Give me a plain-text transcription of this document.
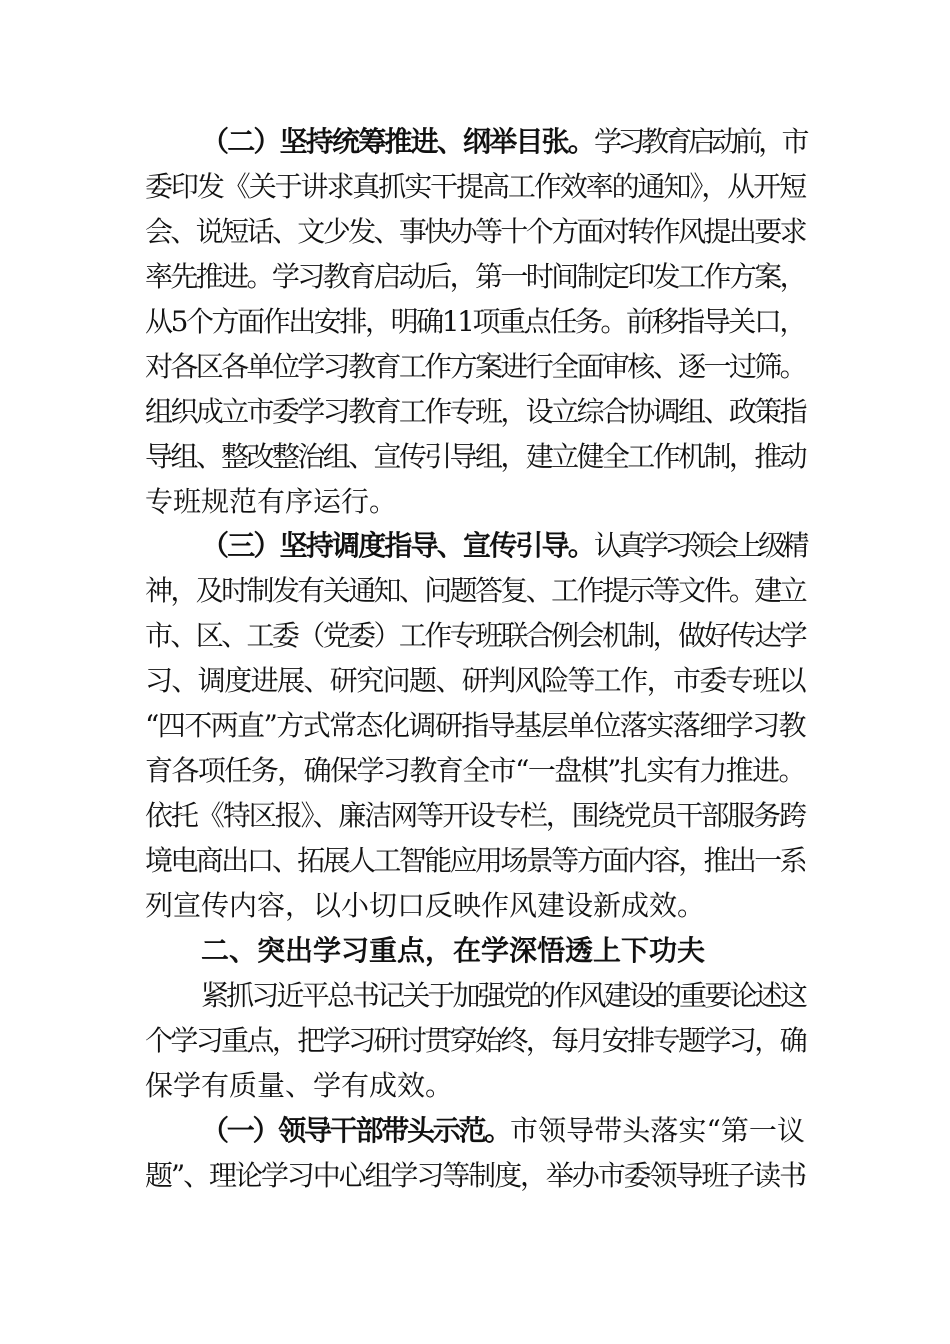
（二）坚持统筹推进、纲举目张。 学习教育启动前，市
委印发《关于讲求真抓实干提高工作效率的通知》，从开短
会、说短话、文少发、事快办等十个方面对转作风提出要求
率先推进。学习教育启动后，第一时间制定印发工作方案，
从5个方面作出安排，明确11项重点任务。前移指导关口，
对各区各单位学习教育工作方案进行全面审核、逐一过筛。
组织成立市委学习教育工作专班，设立综合协调组、政策指
导组、整改整治组、宣传引导组，建立健全工作机制，推动
专班规范有序运行。
（三）坚持调度指导、宣传引导。 认真学习领会上级精
神，及时制发有关通知、问题答复、工作提示等文件。建立
市、区、工委（党委）工作专班联合例会机制，做好传达学
习、调度进展、研究问题、研判风险等工作，市委专班以
“四不两直”方式常态化调研指导基层单位落实落细学习教
育各项任务，确保学习教育全市“一盘棋”扎实有力推进。
依托《特区报》、廉洁网等开设专栏，围绕党员干部服务跨
境电商出口、拓展人工智能应用场景等方面内容，推出一系
列宣传内容，以小切口反映作风建设新成效。
二、突出学习重点，在学深悟透上下功夫
紧抓习近平总书记关于加强党的作风建设的重要论述这
个学习重点，把学习研讨贯穿始终，每月安排专题学习，确
保学有质量、学有成效。
（一）领导干部带头示范。 市领导带头落实“第一议
题”、理论学习中心组学习等制度，举办市委领导班子读书
